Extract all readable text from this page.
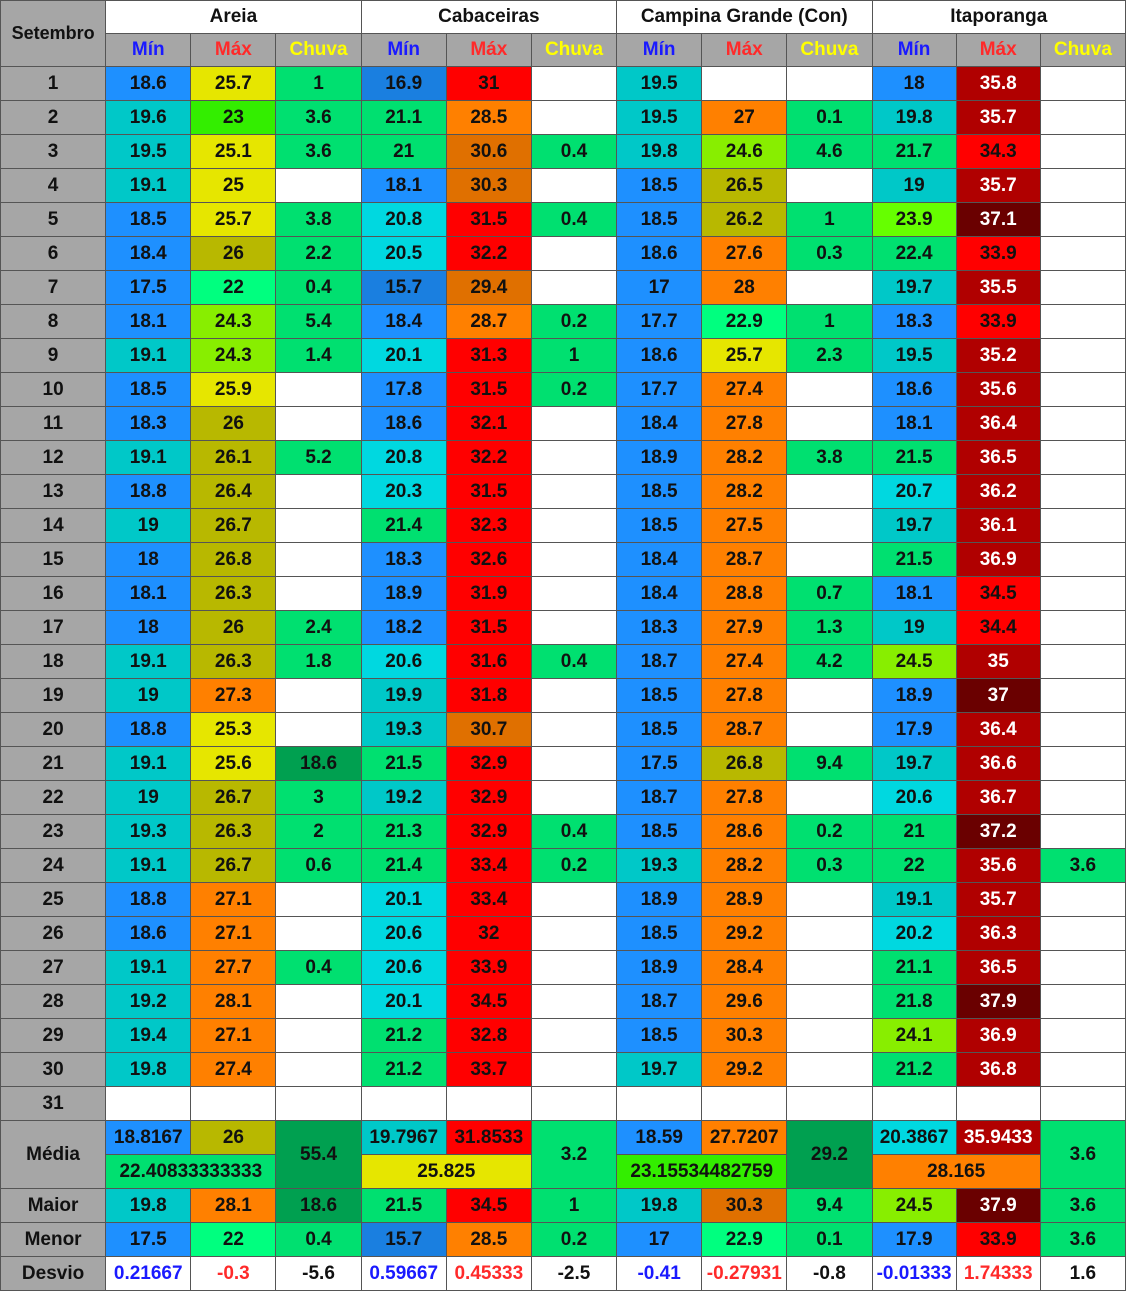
Setembro	Areia			Cabaceiras			Campina Grande (Con)			Itaporanga		
	Mín	Máx	Chuva	Mín	Máx	Chuva	Mín	Máx	Chuva	Mín	Máx	Chuva
1	18.6	25.7	1	16.9	31		19.5			18	35.8	
2	19.6	23	3.6	21.1	28.5		19.5	27	0.1	19.8	35.7	
3	19.5	25.1	3.6	21	30.6	0.4	19.8	24.6	4.6	21.7	34.3	
4	19.1	25		18.1	30.3		18.5	26.5		19	35.7	
5	18.5	25.7	3.8	20.8	31.5	0.4	18.5	26.2	1	23.9	37.1	
6	18.4	26	2.2	20.5	32.2		18.6	27.6	0.3	22.4	33.9	
7	17.5	22	0.4	15.7	29.4		17	28		19.7	35.5	
8	18.1	24.3	5.4	18.4	28.7	0.2	17.7	22.9	1	18.3	33.9	
9	19.1	24.3	1.4	20.1	31.3	1	18.6	25.7	2.3	19.5	35.2	
10	18.5	25.9		17.8	31.5	0.2	17.7	27.4		18.6	35.6	
11	18.3	26		18.6	32.1		18.4	27.8		18.1	36.4	
12	19.1	26.1	5.2	20.8	32.2		18.9	28.2	3.8	21.5	36.5	
13	18.8	26.4		20.3	31.5		18.5	28.2		20.7	36.2	
14	19	26.7		21.4	32.3		18.5	27.5		19.7	36.1	
15	18	26.8		18.3	32.6		18.4	28.7		21.5	36.9	
16	18.1	26.3		18.9	31.9		18.4	28.8	0.7	18.1	34.5	
17	18	26	2.4	18.2	31.5		18.3	27.9	1.3	19	34.4	
18	19.1	26.3	1.8	20.6	31.6	0.4	18.7	27.4	4.2	24.5	35	
19	19	27.3		19.9	31.8		18.5	27.8		18.9	37	
20	18.8	25.3		19.3	30.7		18.5	28.7		17.9	36.4	
21	19.1	25.6	18.6	21.5	32.9		17.5	26.8	9.4	19.7	36.6	
22	19	26.7	3	19.2	32.9		18.7	27.8		20.6	36.7	
23	19.3	26.3	2	21.3	32.9	0.4	18.5	28.6	0.2	21	37.2	
24	19.1	26.7	0.6	21.4	33.4	0.2	19.3	28.2	0.3	22	35.6	3.6
25	18.8	27.1		20.1	33.4		18.9	28.9		19.1	35.7	
26	18.6	27.1		20.6	32		18.5	29.2		20.2	36.3	
27	19.1	27.7	0.4	20.6	33.9		18.9	28.4		21.1	36.5	
28	19.2	28.1		20.1	34.5		18.7	29.6		21.8	37.9	
29	19.4	27.1		21.2	32.8		18.5	30.3		24.1	36.9	
30	19.8	27.4		21.2	33.7		19.7	29.2		21.2	36.8	
31												
Média	18.8167	26	55.4	19.7967	31.8533	3.2	18.59	27.7207	29.2	20.3867	35.9433	3.6
	22.40833333333			25.825			23.15534482759			28.165		
Maior	19.8	28.1	18.6	21.5	34.5	1	19.8	30.3	9.4	24.5	37.9	3.6
Menor	17.5	22	0.4	15.7	28.5	0.2	17	22.9	0.1	17.9	33.9	3.6
Desvio	0.21667	-0.3	-5.6	0.59667	0.45333	-2.5	-0.41	-0.27931	-0.8	-0.01333	1.74333	1.6
